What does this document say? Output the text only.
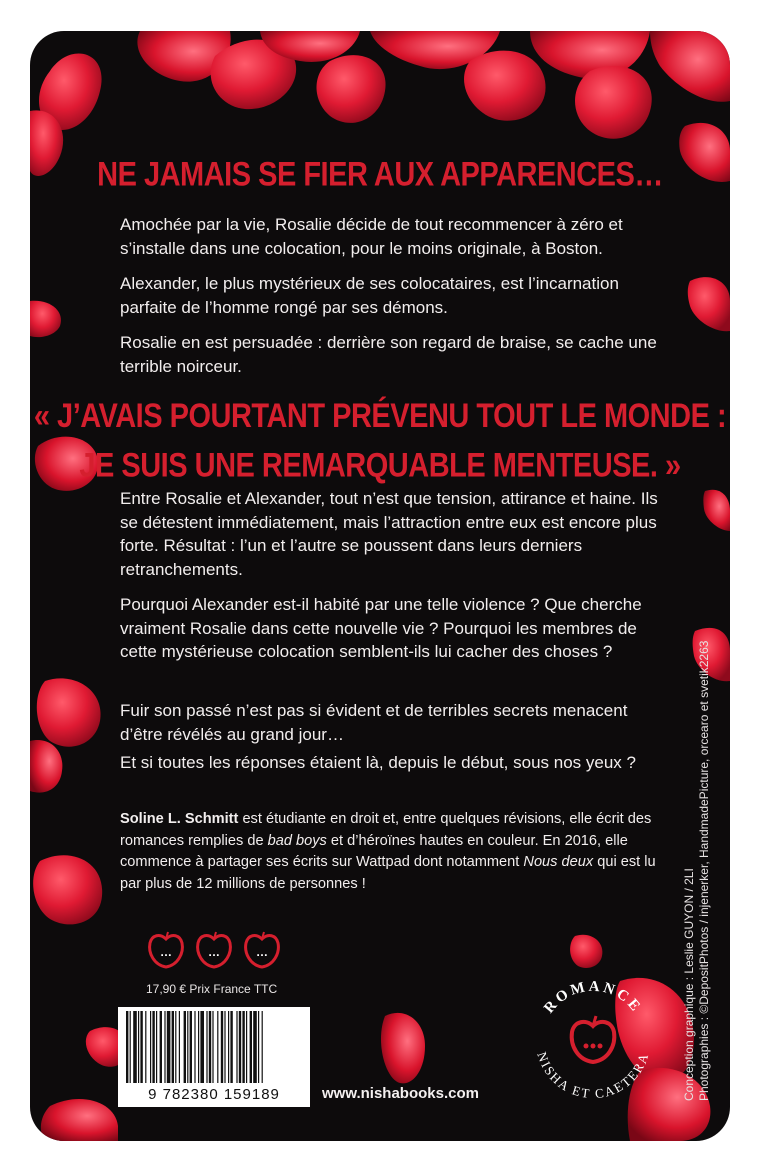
NE JAMAIS SE FIER AUX APPARENCES…

Amochée par la vie, Rosalie décide de tout recommencer à zéro et s’installe dans une colocation, pour le moins originale, à Boston.

Alexander, le plus mystérieux de ses colocataires, est l’incarnation parfaite de l’homme rongé par ses démons.

Rosalie en est persuadée : derrière son regard de braise, se cache une terrible noirceur.

« J’AVAIS POURTANT PRÉVENU TOUT LE MONDE :
JE SUIS UNE REMARQUABLE MENTEUSE. »

Entre Rosalie et Alexander, tout n’est que tension, attirance et haine. Ils se détestent immédiatement, mais l’attraction entre eux est encore plus forte. Résultat : l’un et l’autre se poussent dans leurs derniers retranchements.

Pourquoi Alexander est-il habité par une telle violence ? Que cherche vraiment Rosalie dans cette nouvelle vie ? Pourquoi les membres de cette mystérieuse colocation semblent-ils lui cacher des choses ?

Fuir son passé n’est pas si évident et de terribles secrets menacent d’être révélés au grand jour…

Et si toutes les réponses étaient là, depuis le début, sous nos yeux ?

Soline L. Schmitt est étudiante en droit et, entre quelques révisions, elle écrit des romances remplies de bad boys et d’héroïnes hautes en couleur. En 2016, elle commence à partager ses écrits sur Wattpad dont notamment Nous deux qui est lu par plus de 12 millions de personnes !

…	…	…

17,90 € Prix France TTC

9 782380 159189	www.nishabooks.com	Conception graphique : Leslie GUYON / 2LI Photographies : ©DepositPhotos / injenerker, HandmadePicture, orcearo et svetik2263
ROMANCE
NISHA ET CAETERA
